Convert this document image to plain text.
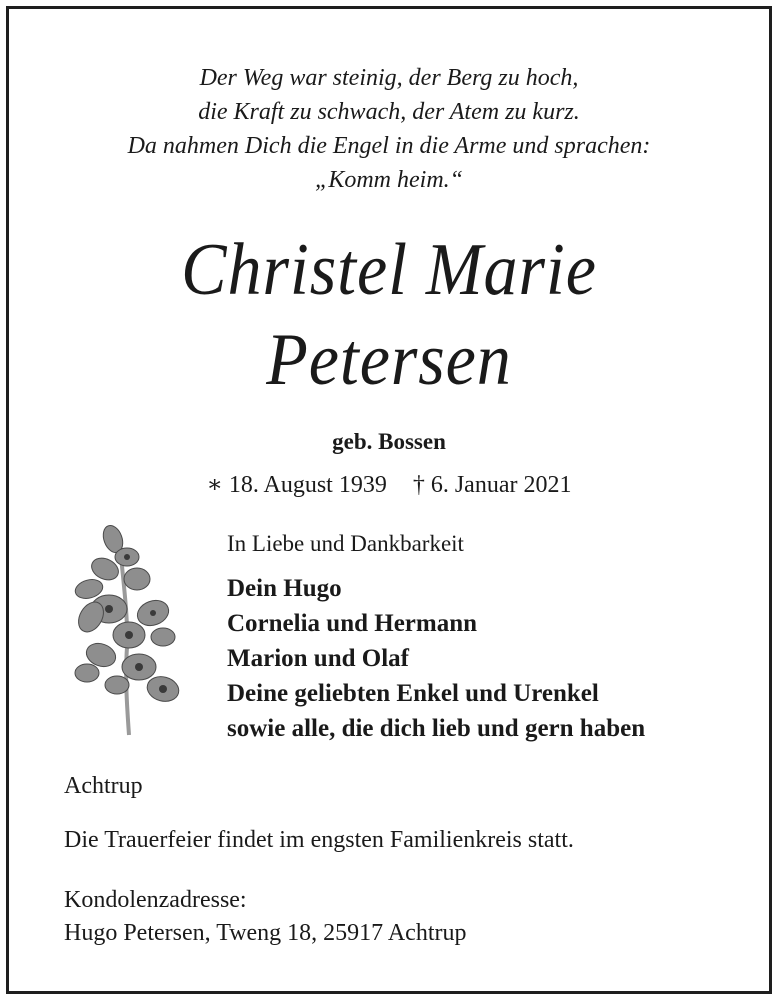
Der Weg war steinig, der Berg zu hoch,
die Kraft zu schwach, der Atem zu kurz.
Da nahmen Dich die Engel in die Arme und sprachen:
„Komm heim.“
Christel Marie
Petersen
geb. Bossen
∗ 18. August 1939 † 6. Januar 2021
In Liebe und Dankbarkeit
Dein Hugo
Cornelia und Hermann
Marion und Olaf
Deine geliebten Enkel und Urenkel
sowie alle, die dich lieb und gern haben
Achtrup
Die Trauerfeier findet im engsten Familienkreis statt.
Kondolenzadresse:
Hugo Petersen, Tweng 18, 25917 Achtrup
